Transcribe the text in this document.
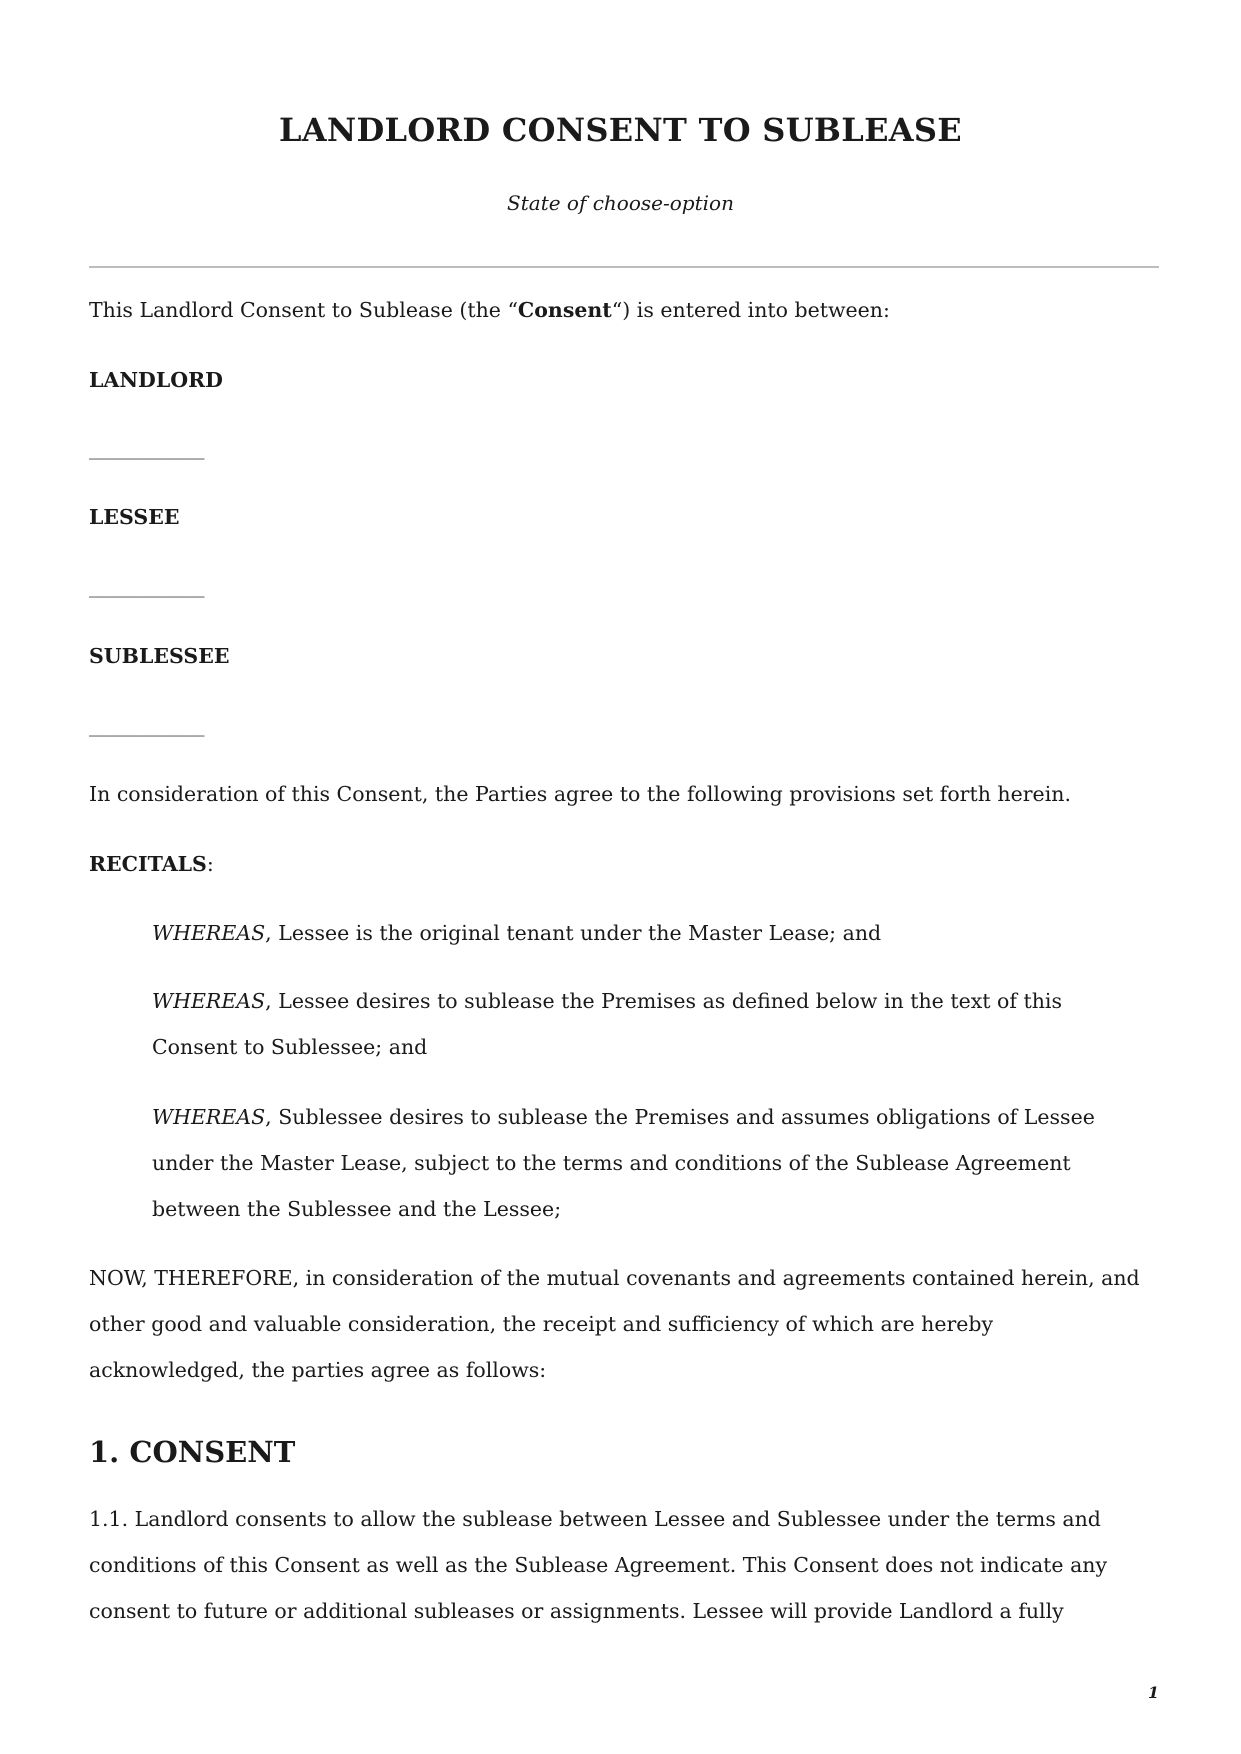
LANDLORD CONSENT TO SUBLEASE
State of choose-option
This Landlord Consent to Sublease (the “Consent“) is entered into between:
LANDLORD
__________
LESSEE
__________
SUBLESSEE
__________
In consideration of this Consent, the Parties agree to the following provisions set forth herein.
RECITALS:
WHEREAS, Lessee is the original tenant under the Master Lease; and
WHEREAS, Lessee desires to sublease the Premises as defined below in the text of this
Consent to Sublessee; and
WHEREAS, Sublessee desires to sublease the Premises and assumes obligations of Lessee
under the Master Lease, subject to the terms and conditions of the Sublease Agreement
between the Sublessee and the Lessee;
NOW, THEREFORE, in consideration of the mutual covenants and agreements contained herein, and
other good and valuable consideration, the receipt and sufficiency of which are hereby
acknowledged, the parties agree as follows:
1. CONSENT
1.1. Landlord consents to allow the sublease between Lessee and Sublessee under the terms and
conditions of this Consent as well as the Sublease Agreement. This Consent does not indicate any
consent to future or additional subleases or assignments. Lessee will provide Landlord a fully
1
